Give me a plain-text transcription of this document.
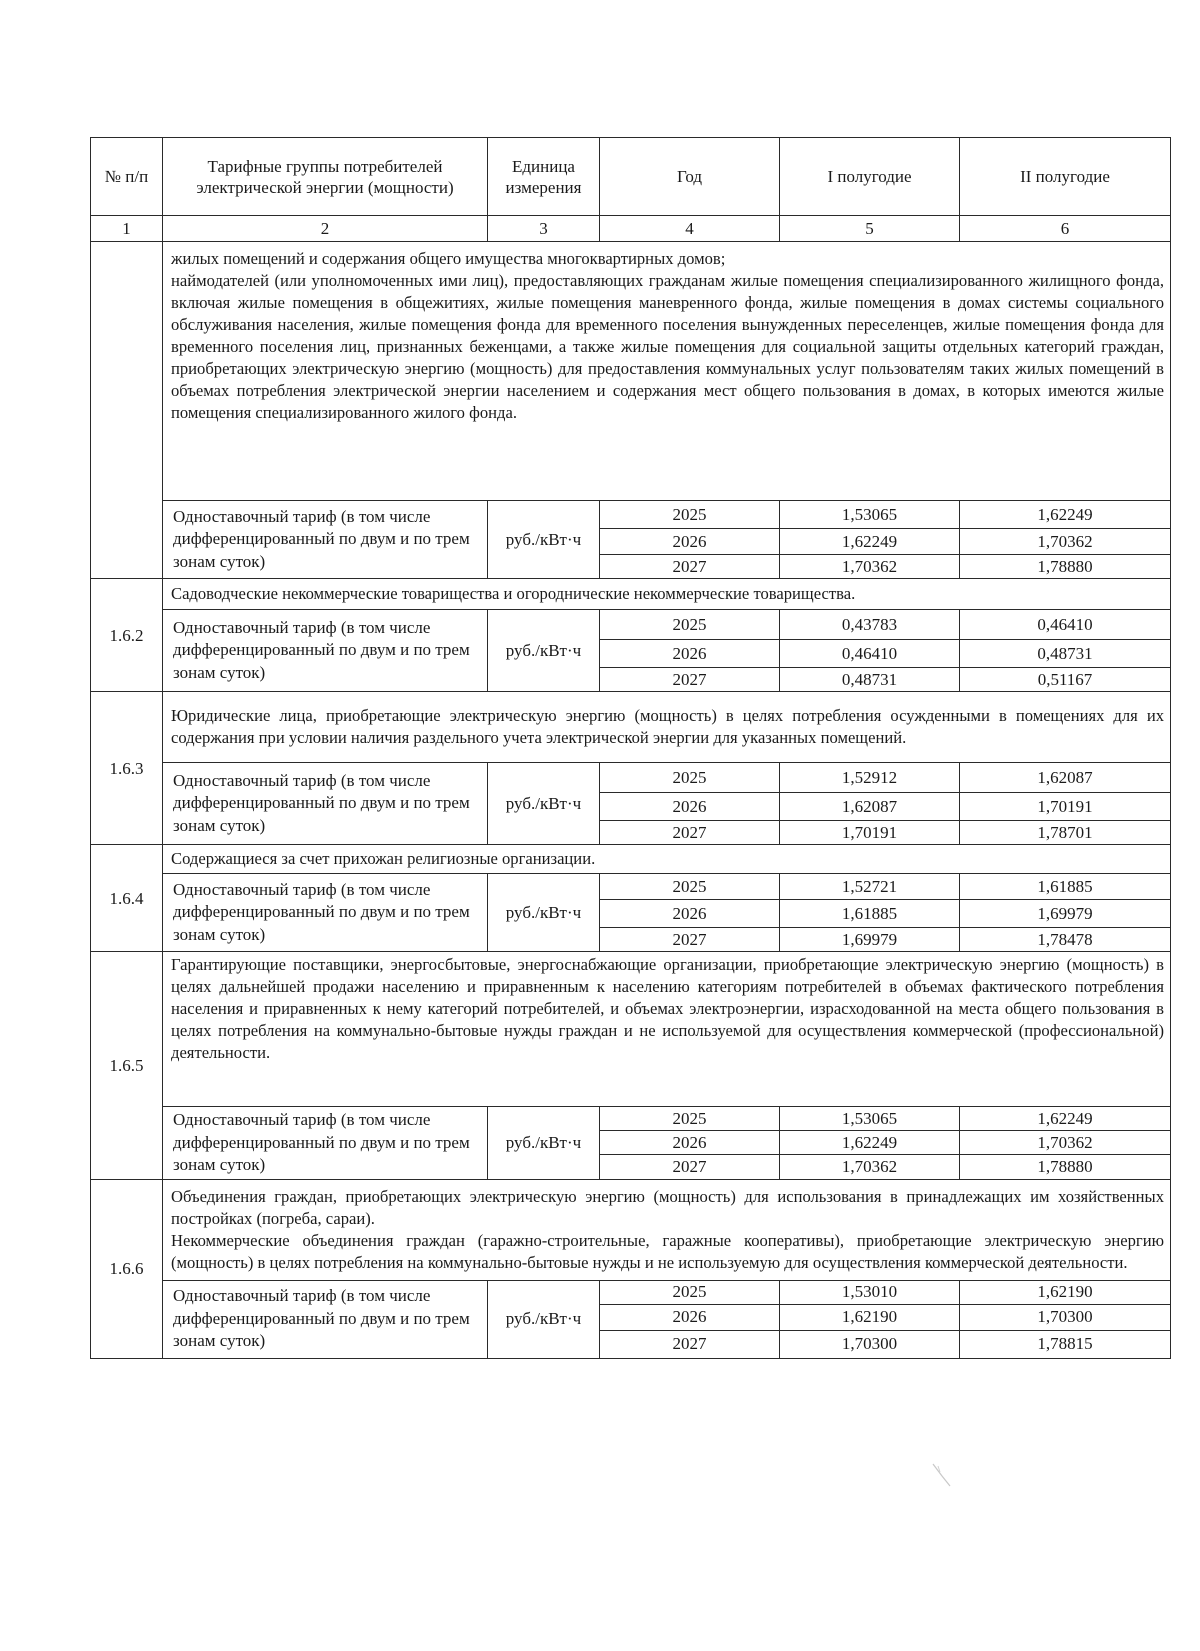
№ п/п	Тарифные группы потребителей электрической энергии (мощности)	Единица измерения	Год	I полугодие	II полугодие
1	2	3	4	5	6

	жилых помещений и содержания общего имущества многоквартирных домов;

наймодателей (или уполномоченных ими лиц), предоставляющих гражданам жилые помещения специализированного жилищного фонда, включая жилые помещения в общежитиях, жилые помещения маневренного фонда, жилые помещения в домах системы социального обслуживания населения, жилые помещения фонда для временного поселения вынужденных переселенцев, жилые помещения фонда для временного поселения лиц, признанных беженцами, а также жилые помещения для социальной защиты отдельных категорий граждан, приобретающих электрическую энергию (мощность) для предоставления коммунальных услуг пользователям таких жилых помещений в объемах потребления электрической энергии населением и содержания мест общего пользования в домах, в которых имеются жилые помещения специализированного жилого фонда.				

	Одноставочный тариф (в том числе дифференцированный по двум и по трем зонам суток)	руб./кВт·ч	2025	1,53065	1,62249
			2026	1,62249	1,70362
			2027	1,70362	1,78880
1.6.2	Садоводческие некоммерческие товарищества и огороднические некоммерческие товарищества.				

	Одноставочный тариф (в том числе дифференцированный по двум и по трем зонам суток)	руб./кВт·ч	2025	0,43783	0,46410
			2026	0,46410	0,48731
			2027	0,48731	0,51167
1.6.3	Юридические лица, приобретающие электрическую энергию (мощность) в целях потребления осужденными в помещениях для их содержания при условии наличия раздельного учета электрической энергии для указанных помещений.				

	Одноставочный тариф (в том числе дифференцированный по двум и по трем зонам суток)	руб./кВт·ч	2025	1,52912	1,62087
			2026	1,62087	1,70191
			2027	1,70191	1,78701
1.6.4	Содержащиеся за счет прихожан религиозные организации.				

	Одноставочный тариф (в том числе дифференцированный по двум и по трем зонам суток)	руб./кВт·ч	2025	1,52721	1,61885
			2026	1,61885	1,69979
			2027	1,69979	1,78478
1.6.5	Гарантирующие поставщики, энергосбытовые, энергоснабжающие организации, приобретающие электрическую энергию (мощность) в целях дальнейшей продажи населению и приравненным к населению категориям потребителей в объемах фактического потребления населения и приравненных к нему категорий потребителей, и объемах электроэнергии, израсходованной на места общего пользования в целях потребления на коммунально-бытовые нужды граждан и не используемой для осуществления коммерческой (профессиональной) деятельности.				

	Одноставочный тариф (в том числе дифференцированный по двум и по трем зонам суток)	руб./кВт·ч	2025	1,53065	1,62249
			2026	1,62249	1,70362
			2027	1,70362	1,78880
1.6.6	Объединения граждан, приобретающих электрическую энергию (мощность) для использования в принадлежащих им хозяйственных постройках (погреба, сараи).

Некоммерческие объединения граждан (гаражно-строительные, гаражные кооперативы), приобретающие электрическую энергию (мощность) в целях потребления на коммунально-бытовые нужды и не используемую для осуществления коммерческой деятельности.				

	Одноставочный тариф (в том числе дифференцированный по двум и по трем зонам суток)	руб./кВт·ч	2025	1,53010	1,62190
			2026	1,62190	1,70300
			2027	1,70300	1,78815
